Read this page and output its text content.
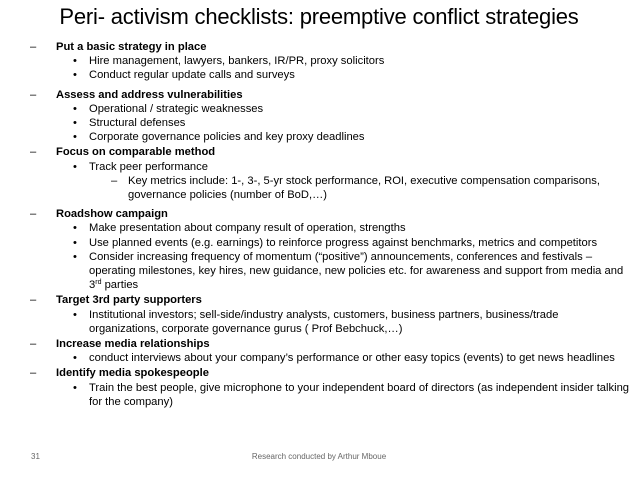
Peri- activism checklists: preemptive conflict strategies
– Put a basic strategy in place
• Hire management, lawyers, bankers, IR/PR, proxy solicitors
• Conduct regular update calls and surveys
– Assess and address vulnerabilities
• Operational / strategic weaknesses
• Structural defenses
• Corporate governance policies and key proxy deadlines
– Focus on comparable method
• Track peer performance
– Key metrics include: 1-, 3-, 5-yr stock performance, ROI, executive compensation comparisons, governance policies (number of BoD,…)
– Roadshow campaign
• Make presentation about company result of operation, strengths
• Use planned events (e.g. earnings) to reinforce progress against benchmarks, metrics and competitors
• Consider increasing frequency of momentum (“positive”) announcements, conferences and festivals – operating milestones, key hires, new guidance, new policies etc. for awareness and support from media and 3rd parties
– Target 3rd party supporters
• Institutional investors; sell-side/industry analysts, customers, business partners, business/trade organizations, corporate governance gurus ( Prof Bebchuck,…)
– Increase media relationships
• conduct interviews about your company’s performance or other easy topics (events) to get news headlines
– Identify media spokespeople
• Train the best people, give microphone to your independent board of directors (as independent insider talking for the company)
31	Research conducted by Arthur Mboue
